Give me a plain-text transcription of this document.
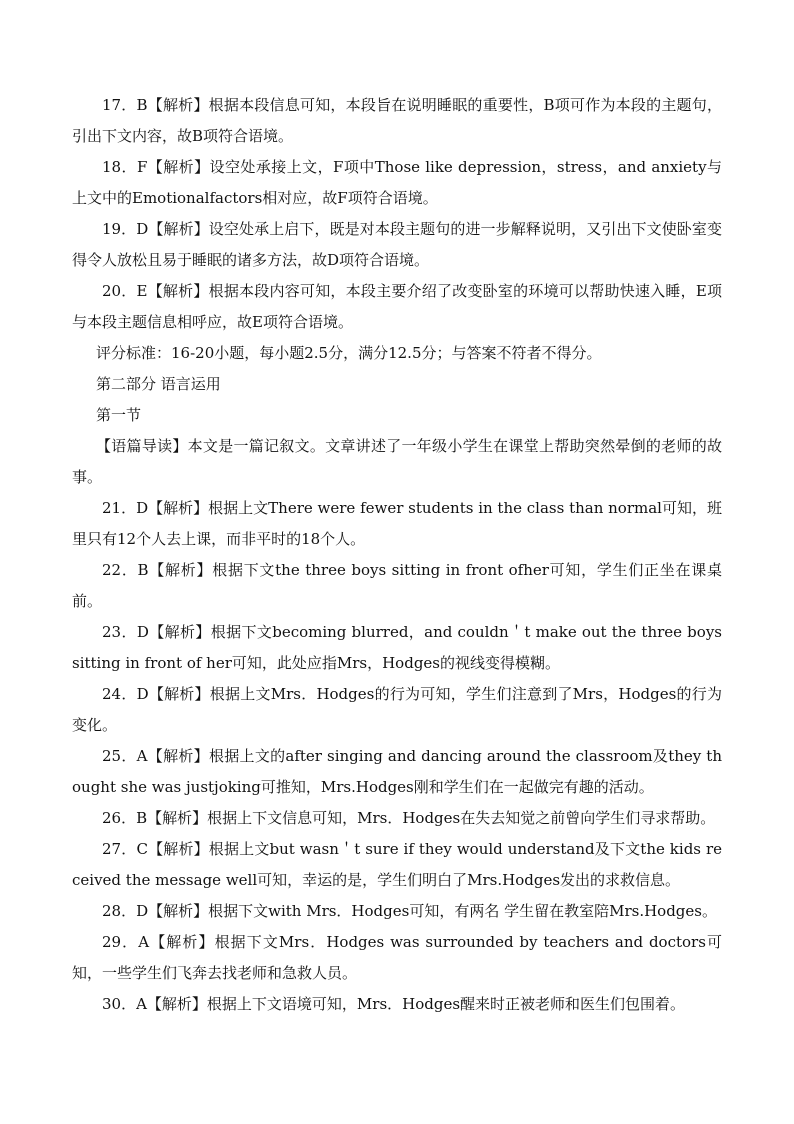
17．B【解析】根据本段信息可知，本段旨在说明睡眠的重要性，B项可作为本段的主题句，引出下文内容，故B项符合语境。

18．F【解析】设空处承接上文，F项中Those like depression，stress，and anxiety与上文中的Emotionalfactors相对应，故F项符合语境。

19．D【解析】设空处承上启下，既是对本段主题句的进一步解释说明，又引出下文使卧室变得令人放松且易于睡眠的诸多方法，故D项符合语境。

20．E【解析】根据本段内容可知，本段主要介绍了改变卧室的环境可以帮助快速入睡，E项与本段主题信息相呼应，故E项符合语境。

评分标准：16-20小题，每小题2.5分，满分12.5分；与答案不符者不得分。

第二部分 语言运用

第一节

【语篇导读】本文是一篇记叙文。文章讲述了一年级小学生在课堂上帮助突然晕倒的老师的故事。

21．D【解析】根据上文There were fewer students in the class than normal可知，班里只有12个人去上课，而非平时的18个人。

22．B【解析】根据下文the three boys sitting in front ofher可知，学生们正坐在课桌前。

23．D【解析】根据下文becoming blurred，and couldn＇t make out the three boys sitting in front of her可知，此处应指Mrs，Hodges的视线变得模糊。

24．D【解析】根据上文Mrs．Hodges的行为可知，学生们注意到了Mrs，Hodges的行为变化。

25．A【解析】根据上文的after singing and dancing around the classroom及they thought she was justjoking可推知，Mrs.Hodges刚和学生们在一起做完有趣的活动。

26．B【解析】根据上下文信息可知，Mrs．Hodges在失去知觉之前曾向学生们寻求帮助。

27．C【解析】根据上文but wasn＇t sure if they would understand及下文the kids received the message well可知，幸运的是，学生们明白了Mrs.Hodges发出的求救信息。

28．D【解析】根据下文with Mrs．Hodges可知，有两名 学生留在教室陪Mrs.Hodges。

29．A【解析】根据下文Mrs．Hodges was surrounded by teachers and doctors可知，一些学生们飞奔去找老师和急救人员。

30．A【解析】根据上下文语境可知，Mrs．Hodges醒来时正被老师和医生们包围着。
